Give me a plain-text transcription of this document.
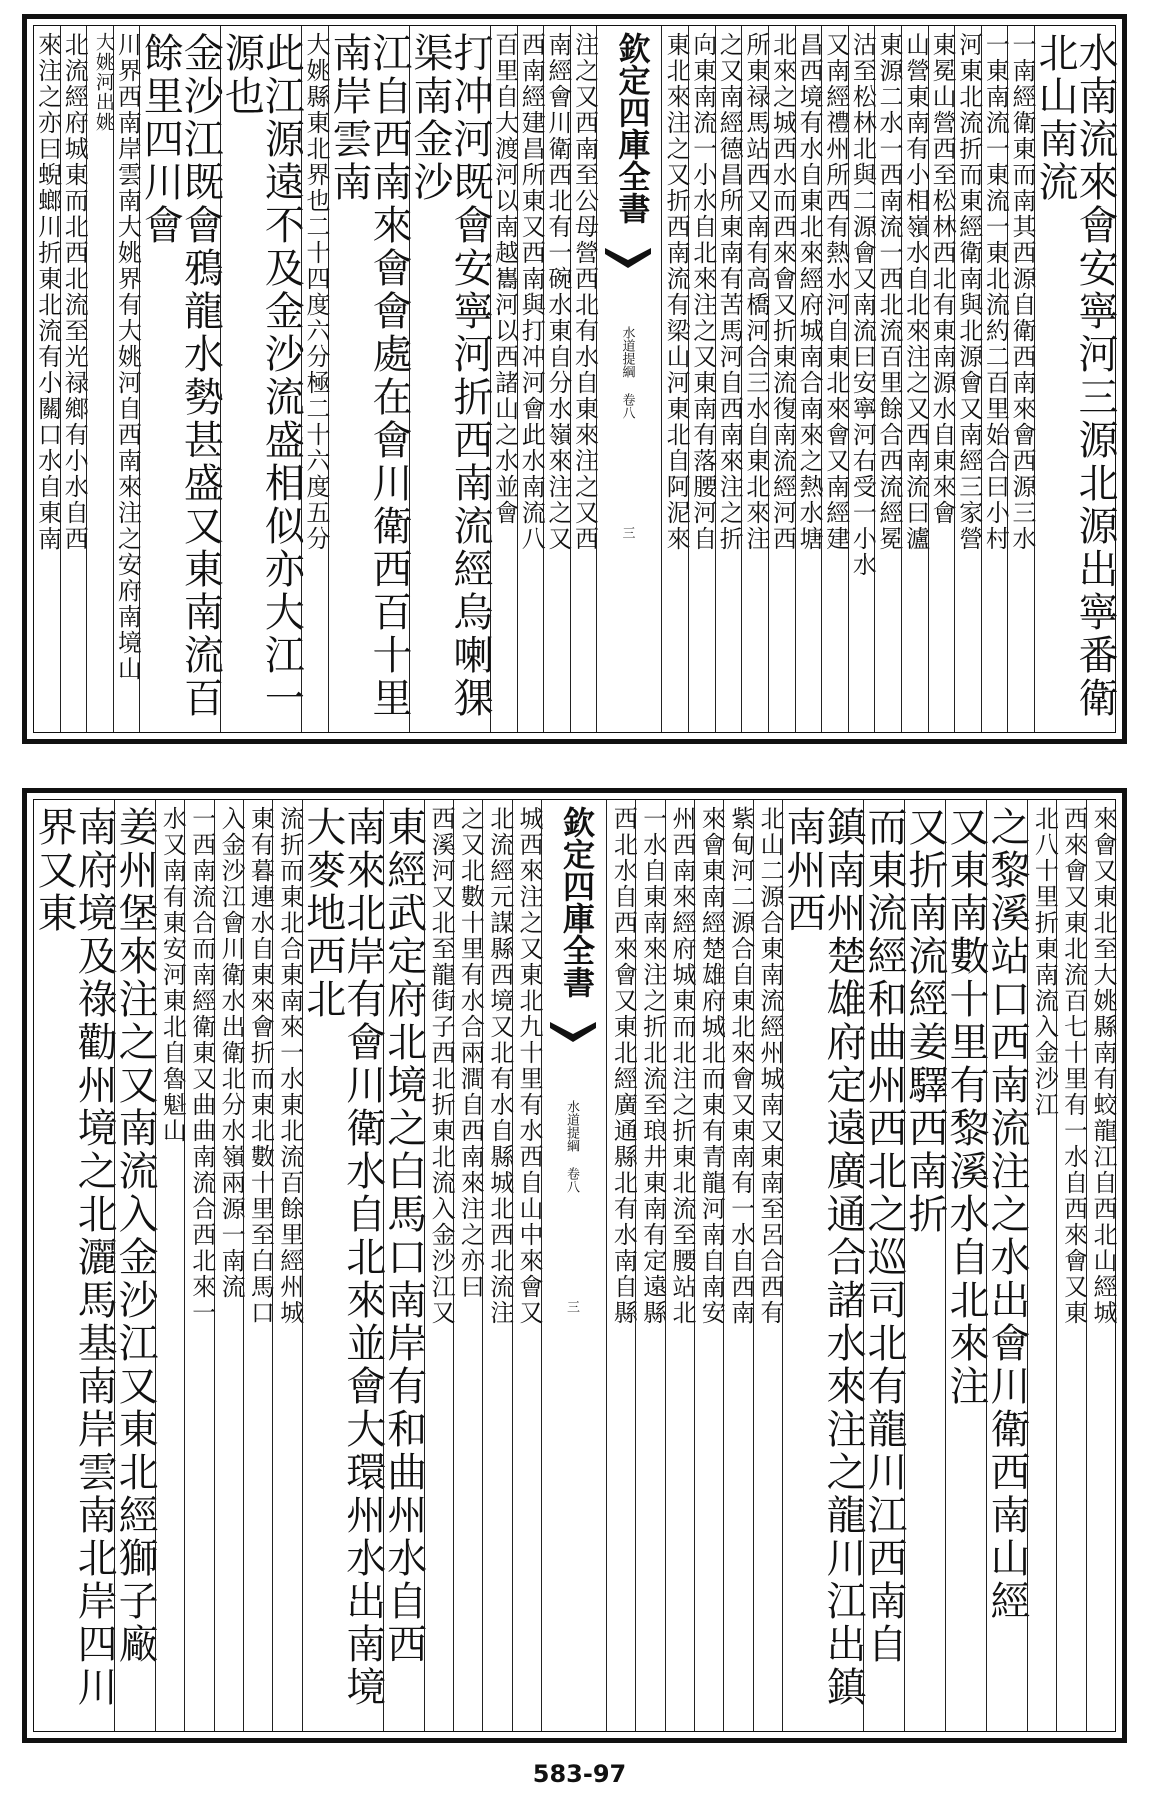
水南流來會安寧河三源北源出寧番衛北山南流
一南經衛東而南其西源自衛西南來會西源三水
一東南流一東流一東北流約二百里始合曰小村
河東北流折而東經衛南與北源會又南經三家營
東冕山營西至松林西北有東南源水自東來會
山營東南有小相嶺水自北來注之又西南流曰瀘
東源二水一西南流一西北流百里餘合西流經冕
沽至松林北與二源會又南流曰安寧河右受一小水
又南經禮州所西有熱水河自東北來會又南經建
昌西境有水自東北來經府城南合南來之熱水塘
北來之城西水而西來會又折東流復南流經河西
所東禄馬站西又南有高橋河合三水自東北來注
之又南經德昌所東南有苦馬河自西南來注之折
向東南流一小水自北來注之又東南有落腰河自
東北來注之又折西南流有梁山河東北自阿泥來
欽定四庫全書
水道提綱 卷八
三
注之又西南至公母營西北有水自東來注之又西
南經會川衛西北有一碗水東自分水嶺來注之又
西南經建昌所東又西南與打冲河會此水南流八
百里自大渡河以南越巂河以西諸山之水並會
打冲河既會安寧河折西南流經烏喇猓渠南金沙
江自西南來會會處在會川衛西百十里南岸雲南
大姚縣東北界也二十四度六分極二十六度五分
此江源遠不及金沙流盛相似亦大江一源也
金沙江既會鴉龍水勢甚盛又東南流百餘里四川會
川界西南岸雲南大姚界有大姚河自西南來注之安府南境山
大姚河出姚
北流經府城東而北西北流至光禄鄉有小水自西
來注之亦曰蜺螂川折東北流有小關口水自東南
來會又東北至大姚縣南有蛟龍江自西北山經城
西來會又東北流百七十里有一水自西來會又東
北八十里折東南流入金沙江
之黎溪站口西南流注之水出會川衛西南山經
又東南數十里有黎溪水自北來注
又折南流經姜驛西南折
而東流經和曲州西北之巡司北有龍川江西南自
鎮南州楚雄府定遠廣通合諸水來注之龍川江出鎮南州西
北山二源合東南流經州城南又東南至呂合西有
紫甸河二源合自東北來會又東南有一水自西南
來會東南經楚雄府城北而東有青龍河南自南安
州西南來經府城東而北注之折東北流至腰站北
一水自東南來注之折北流至琅井東南有定遠縣
西北水自西來會又東北經廣通縣北有水南自縣
欽定四庫全書
水道提綱 卷八
三
城西來注之又東北九十里有水西自山中來會又
北流經元謀縣西境又北有水自縣城北西北流注
之又北數十里有水合兩澗自西南來注之亦曰
西溪河又北至龍街子西北折東北流入金沙江又
東經武定府北境之白馬口南岸有和曲州水自西
南來北岸有會川衛水自北來並會大環州水出南境大麥地西北
流折而東北合東南來一水東北流百餘里經州城
東有暮連水自東來會折而東北數十里至白馬口
入金沙江會川衛水出衛北分水嶺兩源一南流
一西南流合而南經衛東又曲曲南流合西北來一
水又南有東安河東北自魯魁山
姜州堡來注之又南流入金沙江又東北經獅子廠
南府境及祿勸州境之北灑馬基南岸雲南北岸四川界又東
583-97
